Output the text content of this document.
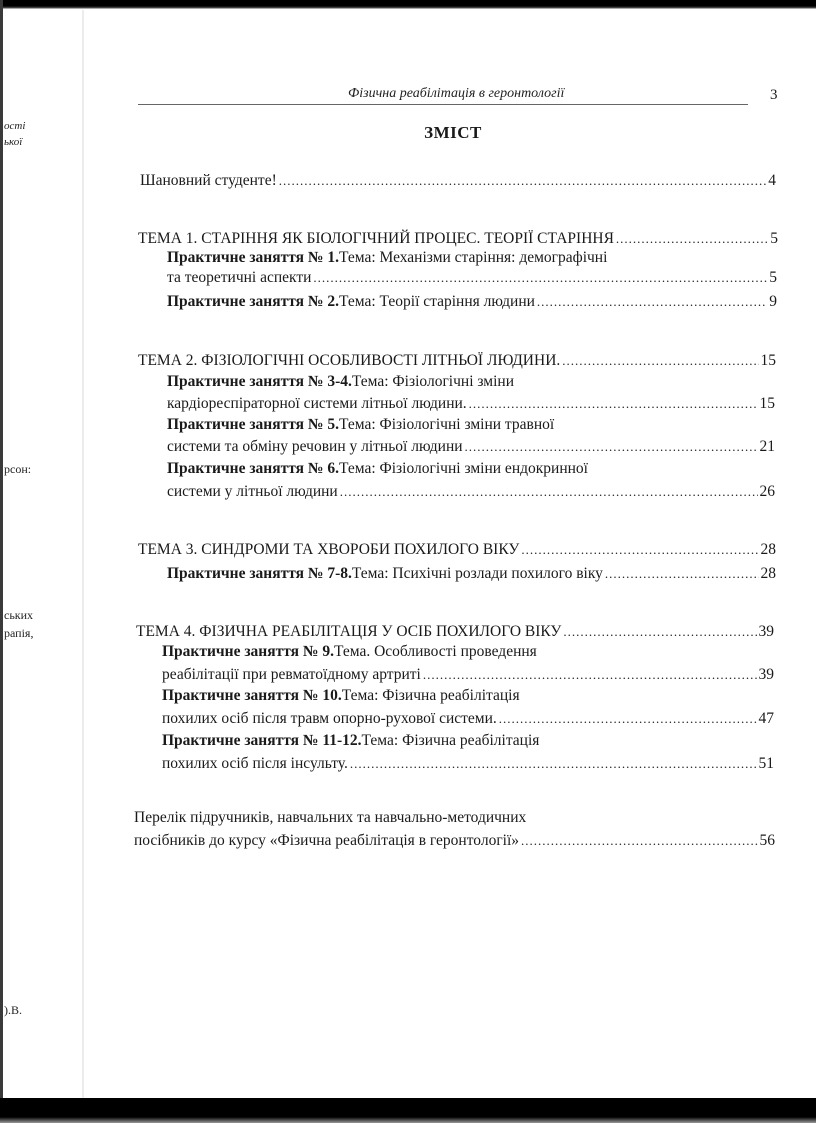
ості
ької
рсон:
ських
рапія,
).В.
Фізична реабілітація в геронтології	3
ЗМІСТ
Шановний студенте! .....	4
ТЕМА 1. СТАРІННЯ ЯК БІОЛОГІЧНИЙ ПРОЦЕС. ТЕОРІЇ СТАРІННЯ .....	5
Практичне заняття № 1. Тема: Механізми старіння: демографічні
та теоретичні аспекти .....	5
Практичне заняття № 2. Тема: Теорії старіння людини .....	9
ТЕМА 2. ФІЗІОЛОГІЧНІ ОСОБЛИВОСТІ ЛІТНЬОЇ ЛЮДИНИ. .....	15
Практичне заняття № 3-4. Тема: Фізіологічні зміни
кардіореспіраторної системи літньої людини. .....	15
Практичне заняття № 5. Тема: Фізіологічні зміни травної
системи та обміну речовин у літньої людини .....	21
Практичне заняття № 6. Тема: Фізіологічні зміни ендокринної
системи у літньої людини .....	26
ТЕМА 3. СИНДРОМИ ТА ХВОРОБИ ПОХИЛОГО ВІКУ .....	28
Практичне заняття № 7-8. Тема: Психічні розлади похилого віку .....	28
ТЕМА 4. ФІЗИЧНА РЕАБІЛІТАЦІЯ У ОСІБ ПОХИЛОГО ВІКУ .....	39
Практичне заняття № 9. Тема. Особливості проведення
реабілітації при ревматоїдному артриті .....	39
Практичне заняття № 10. Тема: Фізична реабілітація
похилих осіб після травм опорно-рухової системи. .....	47
Практичне заняття № 11-12. Тема: Фізична реабілітація
похилих осіб після інсульту. .....	51
Перелік підручників, навчальних та навчально-методичних
посібників до курсу «Фізична реабілітація в геронтології» .....	56
